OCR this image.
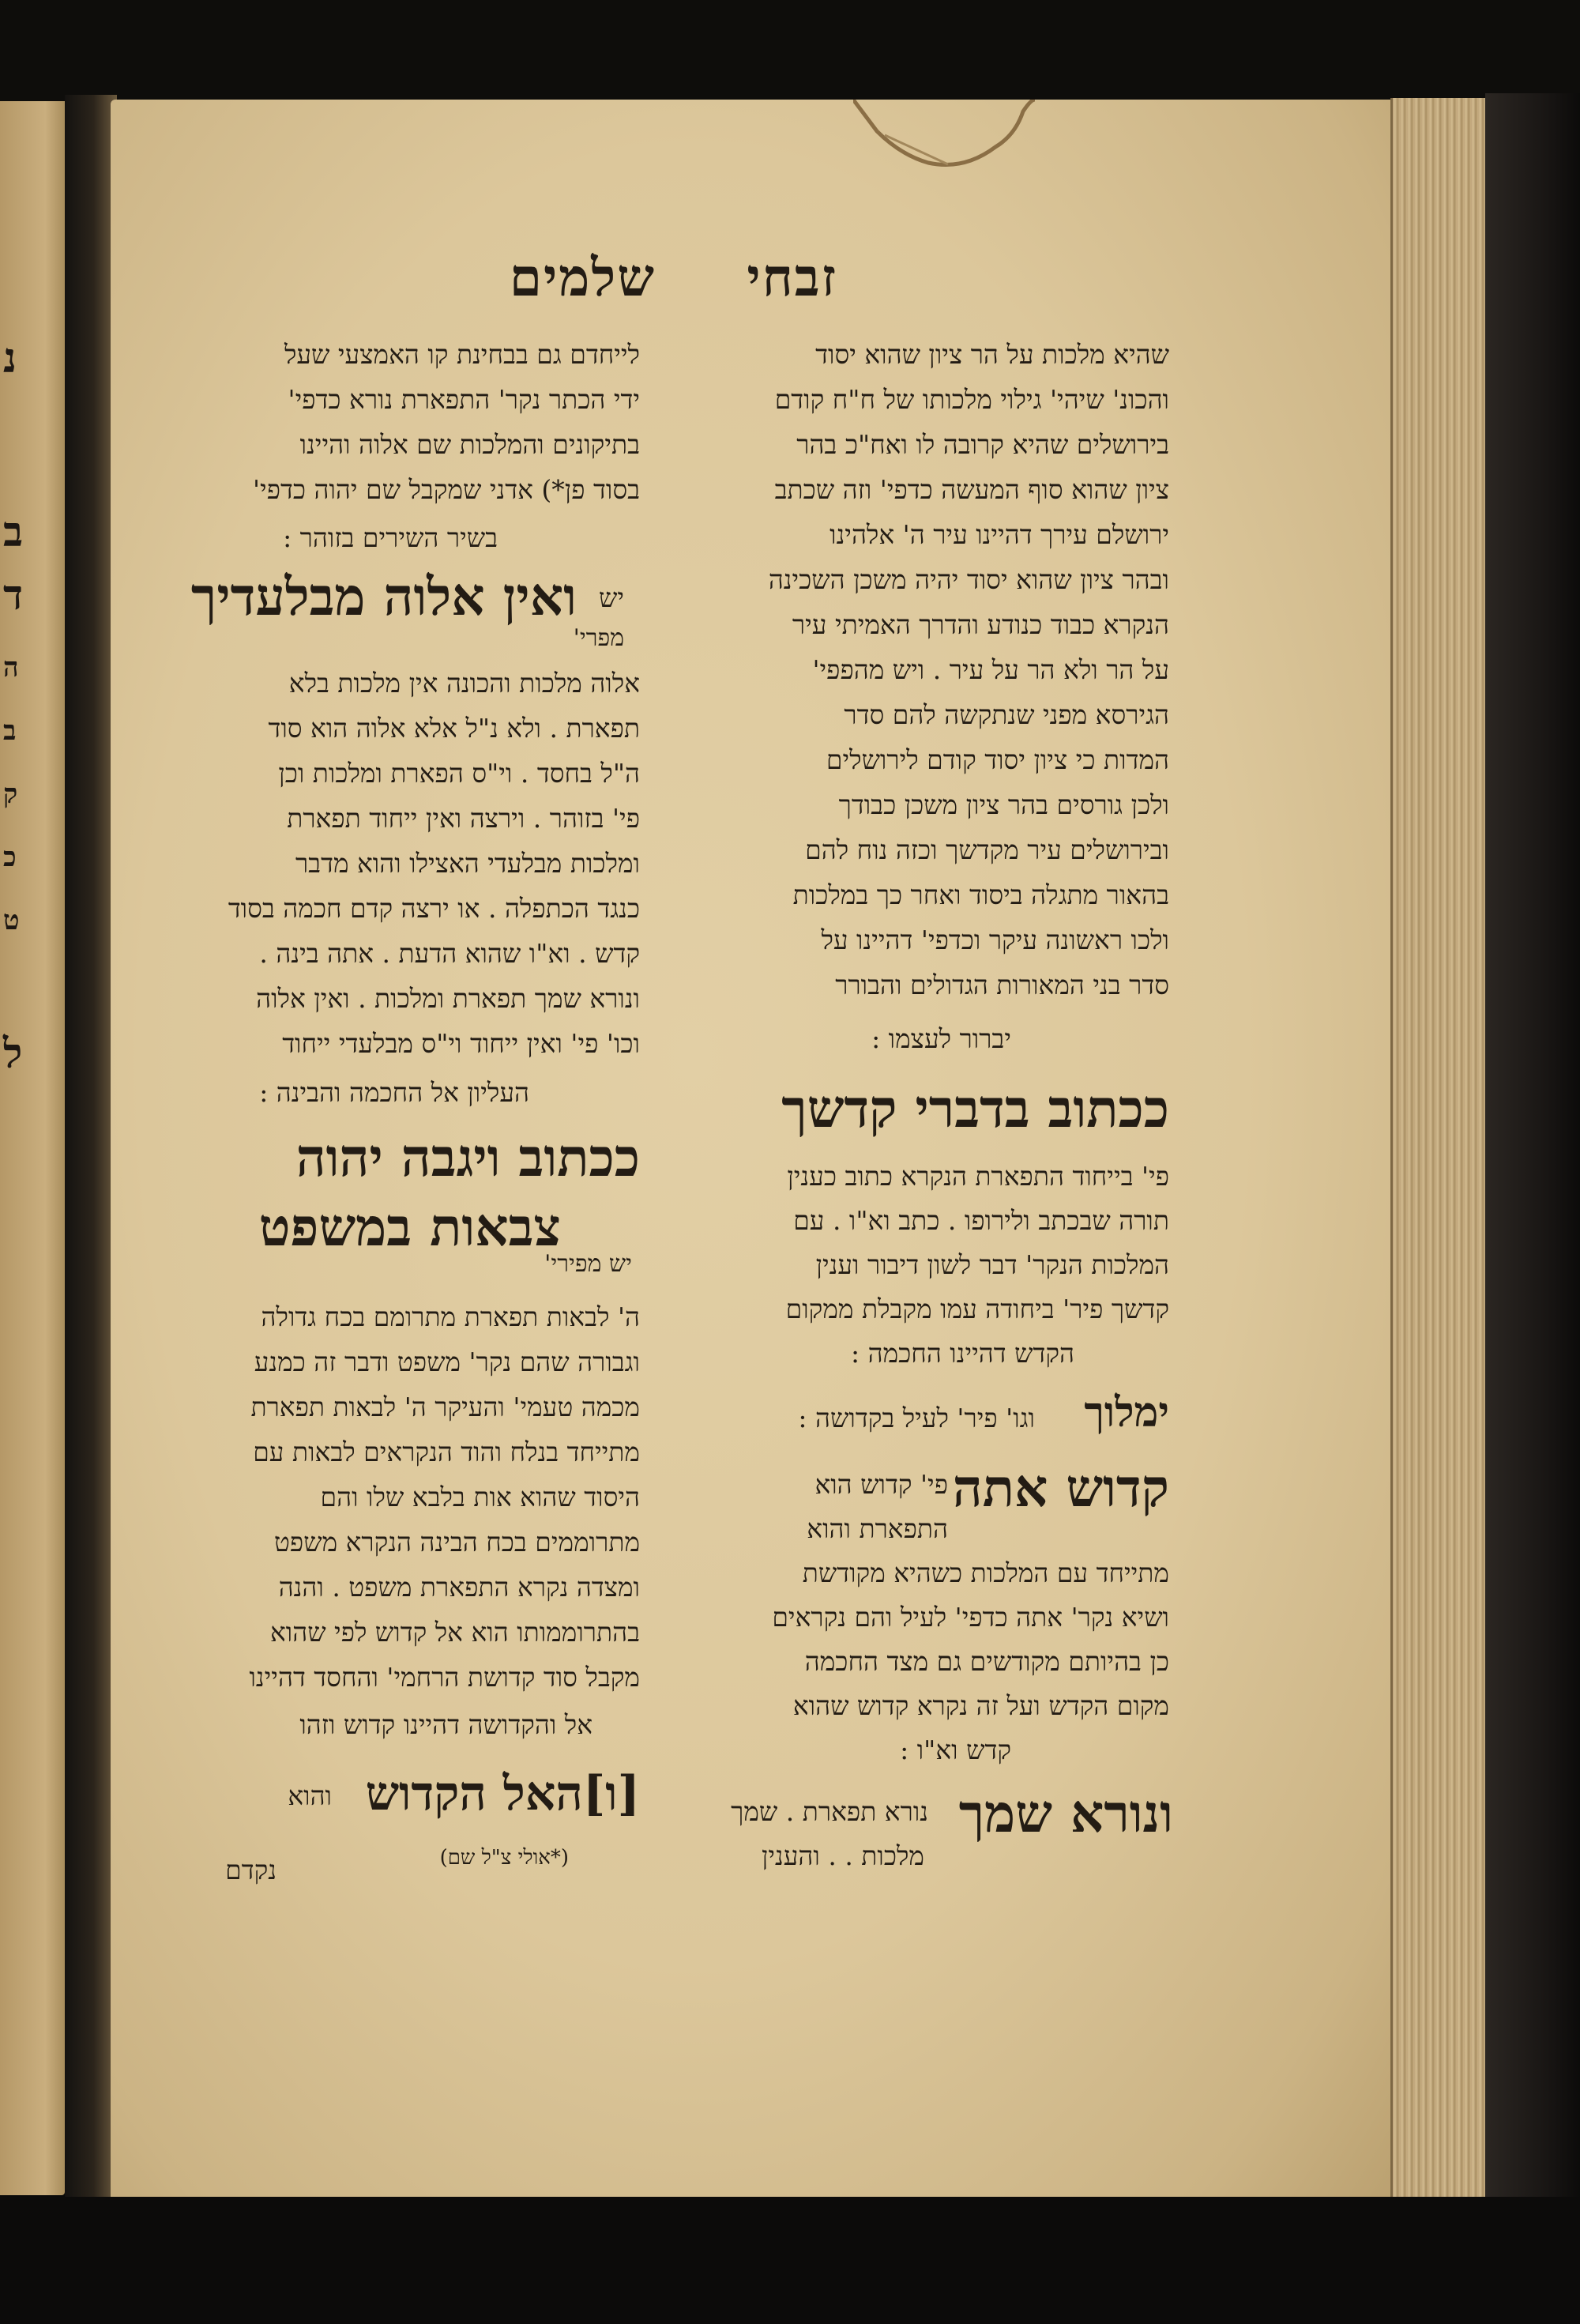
נ
ב
ד
ה
ב
ק
כ
ט
ל
זבחי
שלמים
שהיא מלכות על הר ציון שהוא יסוד
והכונ' שיהי' גילוי מלכותו של ח"ח קודם
בירושלים שהיא קרובה לו ואח"כ בהר
ציון שהוא סוף המעשה כדפי' וזה שכתב
ירושלם עירך דהיינו עיר ה' אלהינו
ובהר ציון שהוא יסוד יהיה משכן השכינה
הנקרא כבוד כנודע והדרך האמיתי עיר
על הר ולא הר על עיר . ויש מהפפי'
הגירסא מפני שנתקשה להם סדר
המדות כי ציון יסוד קודם לירושלים
ולכן גורסים בהר ציון משכן כבודך
ובירושלים עיר מקדשך וכזה נוח להם
בהאור מתגלה ביסוד ואחר כך במלכות
ולכו ראשונה עיקר וכדפי' דהיינו על
סדר בני המאורות הגדולים והבורר
יברור לעצמו :
ככתוב בדברי קדשך
פי' בייחוד התפארת הנקרא כתוב כענין
תורה שבכתב ולירופו . כתב וא"ו . עם
המלכות הנקר' דבר לשון דיבור וענין
קדשך פיר' ביחודה עמו מקבלת ממקום
הקדש דהיינו החכמה :
ימלוך
וגו' פיר' לעיל בקדושה :
קדוש אתה
פי' קדוש הוא
התפארת והוא
מתייחד עם המלכות כשהיא מקודשת
ושיא נקר' אתה כדפי' לעיל והם נקראים
כן בהיותם מקודשים גם מצד החכמה
מקום הקדש ועל זה נקרא קדוש שהוא
קדש וא"ו :
ונורא שמך
נורא תפארת . שמך
מלכות . . והענין
לייחדם גם בבחינת קו האמצעי שעל
ידי הכתר נקר' התפארת נורא כדפי'
בתיקונים והמלכות שם אלוה והיינו
בסוד פן*) אדני שמקבל שם יהוה כדפי'
בשיר השירים בזוהר :
ואין אלוה מבלעדיך יש
מפרי'
אלוה מלכות והכונה אין מלכות בלא
תפארת . ולא נ"ל אלא אלוה הוא סוד
ה"ל בחסד . וי"ס הפארת ומלכות וכן
פי' בזוהר . וירצה ואין ייחוד תפארת
ומלכות מבלעדי האצילו והוא מדבר
כנגד הכתפלה . או ירצה קדם חכמה בסוד
קדש . וא"ו שהוא הדעת . אתה בינה .
ונורא שמך תפארת ומלכות . ואין אלוה
וכו' פי' ואין ייחוד וי"ס מבלעדי ייחוד
העליון אל החכמה והבינה :
ככתוב ויגבה יהוה
צבאות במשפט
יש מפירי'
ה' לבאות תפארת מתרומם בכח גדולה
וגבורה שהם נקר' משפט ודבר זה כמנע
מכמה טעמי' והעיקר ה' לבאות תפארת
מתייחד בנלח והוד הנקראים לבאות עם
היסוד שהוא אות בלבא שלו והם
מתרוממים בכח הבינה הנקרא משפט
ומצדה נקרא התפארת משפט . והנה
בהתרוממותו הוא אל קדוש לפי שהוא
מקבל סוד קדושת הרחמי' והחסד דהיינו
אל והקדושה דהיינו קדוש וזהו
[ו]האל הקדוש
והוא
(*אולי צ"ל שם)
נקדם
